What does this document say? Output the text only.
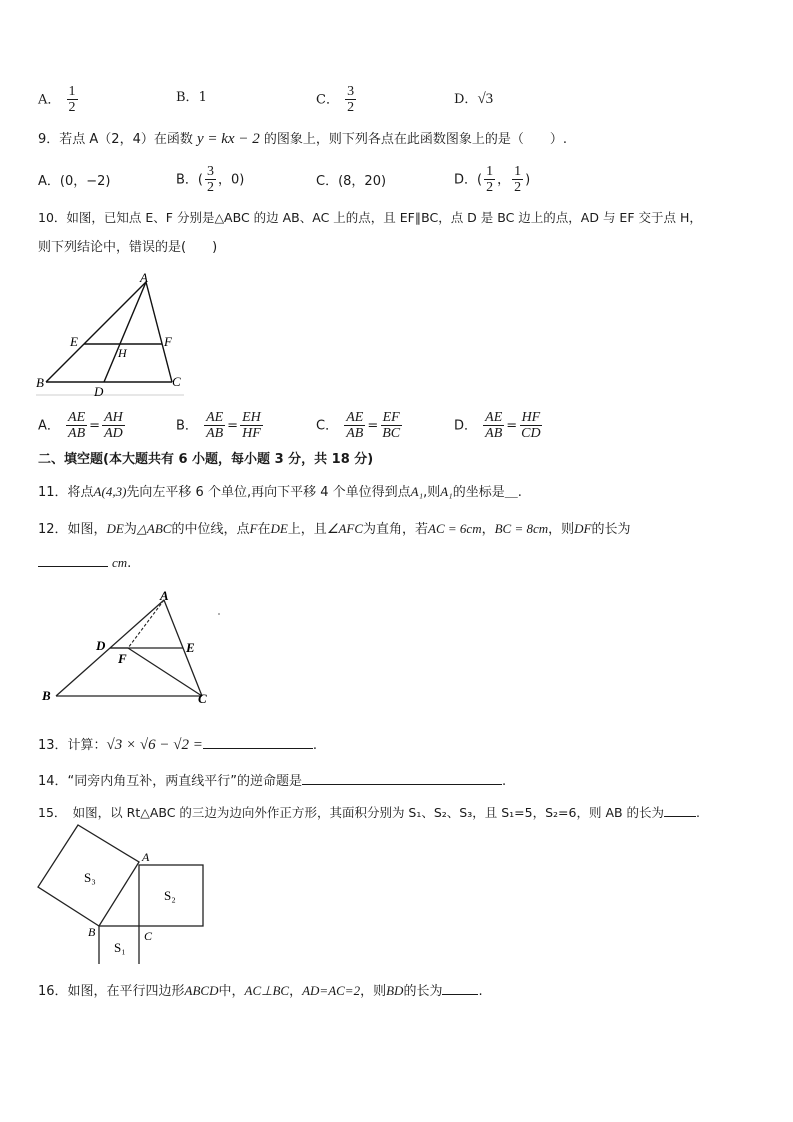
A． $\frac{1}{2}$	B．1	C． $\frac{3}{2}$	D．√3
9．若点 A（2，4）在函数 y = kx − 2 的图象上，则下列各点在此函数图象上的是（　　）.
A．(0，−2)	B．( $\frac{3}{2}$ ，0)	C．(8，20)	D．( $\frac{1}{2}$ ， $\frac{1}{2}$ )
10．如图，已知点 E、F 分别是△ABC 的边 AB、AC 上的点，且 EF∥BC，点 D 是 BC 边上的点，AD 与 EF 交于点 H，
则下列结论中，错误的是(　　)
A
E	F
H
B
D
C
A． $\frac{AE}{AB} = \frac{AH}{AD}$	B． $\frac{AE}{AB} = \frac{EH}{HF}$	C． $\frac{AE}{AB} = \frac{EF}{BC}$	D． $\frac{AE}{AB} = \frac{HF}{CD}$
二、填空题(本大题共有 6 小题，每小题 3 分，共 18 分)
11．将点A(4,3)先向左平移 6 个单位,再向下平移 4 个单位得到点A₁,则A₁的坐标是＿.
12．如图，DE为△ABC的中位线，点F在DE上，且∠AFC为直角，若AC = 6cm，BC = 8cm，则DF的长为
cm.
A
D	E
F
B	C
13．计算：√3 × √6 − √2 =	.
14．“同旁内角互补，两直线平行”的逆命题是	.
15．　如图，以 Rt△ABC 的三边为边向外作正方形，其面积分别为 S₁、S₂、S₃，且 S₁=5，S₂=6，则 AB 的长为	.
S₃
S₂
S₁
A
B	C
16．如图，在平行四边形ABCD中，AC⊥BC，AD=AC=2，则BD的长为	.
